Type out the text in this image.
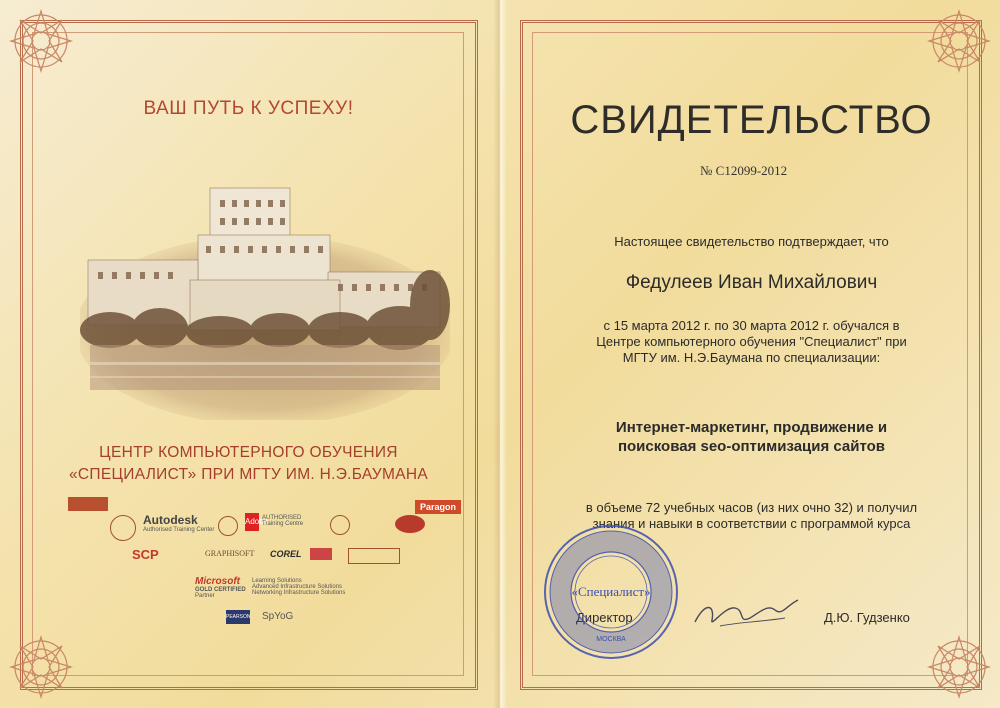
ВАШ ПУТЬ К УСПЕХУ!
ЦЕНТР КОМПЬЮТЕРНОГО ОБУЧЕНИЯ
«СПЕЦИАЛИСТ» ПРИ МГТУ ИМ. Н.Э.БАУМАНА
Paragon
Autodesk
Authorised Training Center
Adobe
AUTHORISED Training Centre
SCP	GRAPHISOFT COREL
Microsoft
GOLD CERTIFIED
Partner
Learning Solutions
Advanced Infrastructure Solutions
Networking Infrastructure Solutions
PEARSON SpYoG
СВИДЕТЕЛЬСТВО
№ С12099-2012
Настоящее свидетельство подтверждает, что
Федулеев Иван Михайлович
с 15 марта 2012 г. по 30 марта 2012 г. обучался в
Центре компьютерного обучения "Специалист" при
МГТУ им. Н.Э.Баумана по специализации:
Интернет-маркетинг, продвижение и
поисковая seo-оптимизация сайтов
в объеме 72 учебных часов (из них очно 32) и получил
знания и навыки в соответствии с программой курса
Директор	Д.Ю. Гудзенко
«Специалист»
МОСКВА
